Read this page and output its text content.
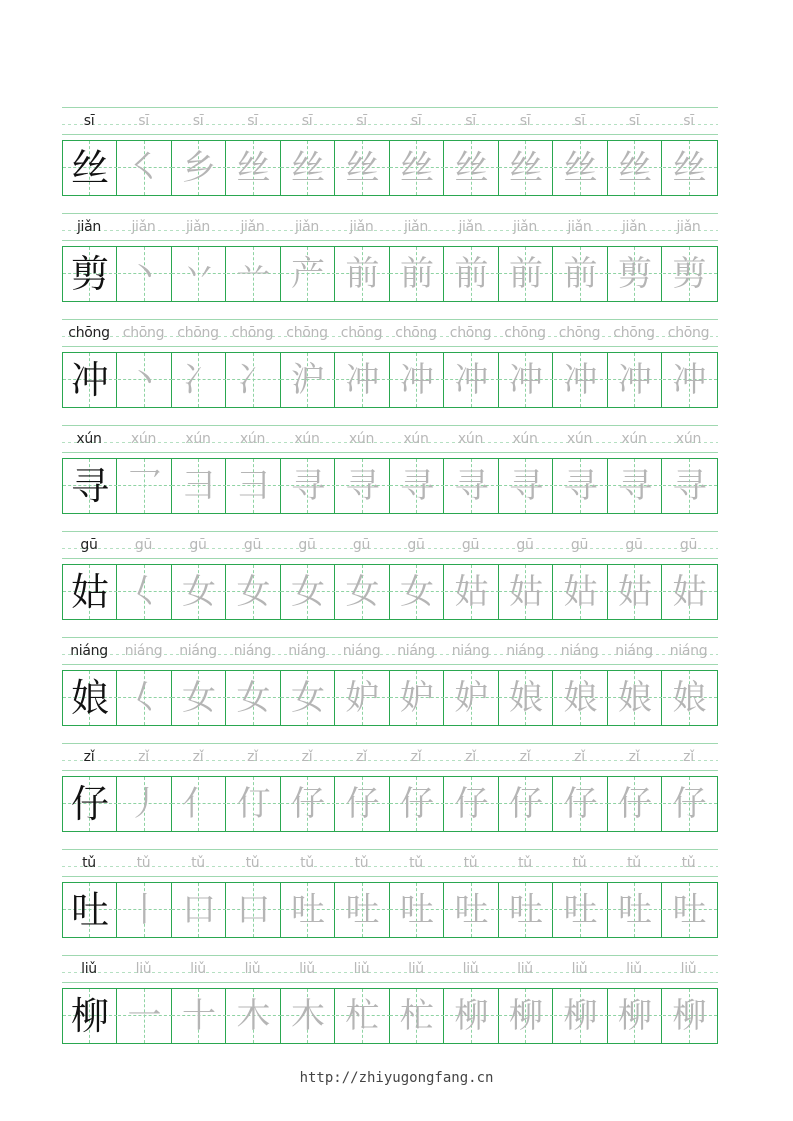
sī	sī	sī	sī	sī	sī	sī	sī	sī	sī	sī	sī
丝 ㇛ 乡 丝 丝 丝 丝 丝 丝 丝 丝 丝
jiǎn	jiǎn	jiǎn	jiǎn	jiǎn	jiǎn	jiǎn	jiǎn	jiǎn	jiǎn	jiǎn	jiǎn
剪 丶 丷 䒑 产 前 前 前 前 前 剪 剪
chōng chōng chōng chōng chōng chōng chōng chōng chōng chōng chōng chōng
冲 丶 冫 冫 沪 冲 冲 冲 冲 冲 冲 冲
xún	xún	xún	xún	xún	xún	xún	xún	xún	xún	xún	xún
寻 乛 彐 彐 寻 寻 寻 寻 寻 寻 寻 寻
gū	gū	gū	gū	gū	gū	gū	gū	gū	gū	gū	gū
姑 𡿨 女 女 女 女 女 姑 姑 姑 姑 姑
niáng	niáng	niáng	niáng	niáng	niáng	niáng	niáng	niáng	niáng	niáng	niáng
娘 𡿨 女 女 女 妒 妒 妒 娘 娘 娘 娘
zǐ	zǐ	zǐ	zǐ	zǐ	zǐ	zǐ	zǐ	zǐ	zǐ	zǐ	zǐ
仔 丿 亻 仃 仔 仔 仔 仔 仔 仔 仔 仔
tǔ	tǔ	tǔ	tǔ	tǔ	tǔ	tǔ	tǔ	tǔ	tǔ	tǔ	tǔ
吐 丨 口 口 吐 吐 吐 吐 吐 吐 吐 吐
liǔ	liǔ	liǔ	liǔ	liǔ	liǔ	liǔ	liǔ	liǔ	liǔ	liǔ	liǔ
柳 一 十 木 木 杧 杧 柳 柳 柳 柳 柳
http://zhiyugongfang.cn
